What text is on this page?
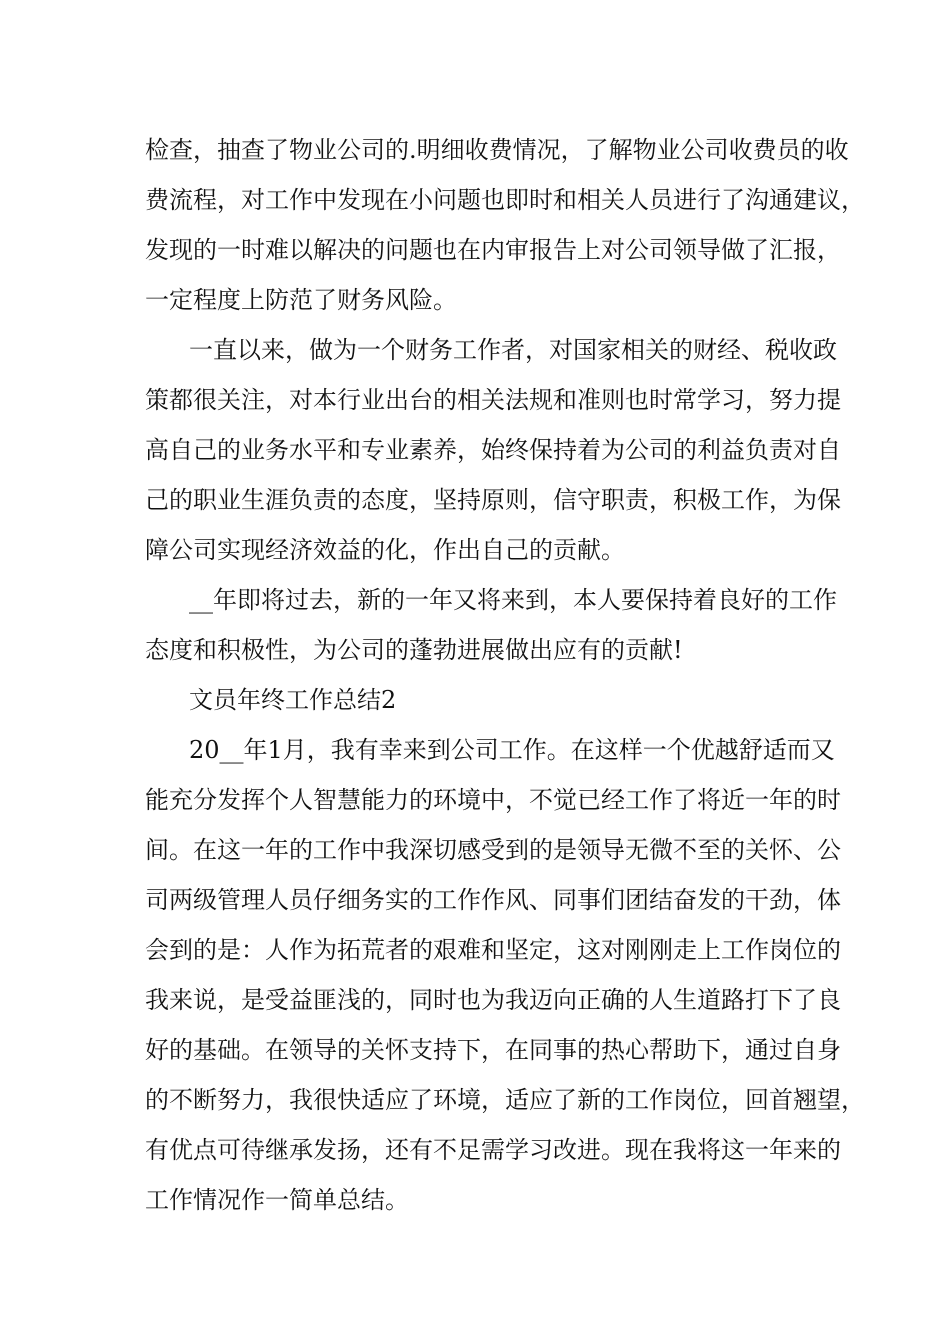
检查，抽查了物业公司的.明细收费情况，了解物业公司收费员的收
费流程，对工作中发现在小问题也即时和相关人员进行了沟通建议，
发现的一时难以解决的问题也在内审报告上对公司领导做了汇报，
一定程度上防范了财务风险。
一直以来，做为一个财务工作者，对国家相关的财经、税收政
策都很关注，对本行业出台的相关法规和准则也时常学习，努力提
高自己的业务水平和专业素养，始终保持着为公司的利益负责对自
己的职业生涯负责的态度，坚持原则，信守职责，积极工作，为保
障公司实现经济效益的化，作出自己的贡献。
__年即将过去，新的一年又将来到，本人要保持着良好的工作
态度和积极性，为公司的蓬勃进展做出应有的贡献!
文员年终工作总结2
20__年1月，我有幸来到公司工作。在这样一个优越舒适而又
能充分发挥个人智慧能力的环境中，不觉已经工作了将近一年的时
间。在这一年的工作中我深切感受到的是领导无微不至的关怀、公
司两级管理人员仔细务实的工作作风、同事们团结奋发的干劲，体
会到的是：人作为拓荒者的艰难和坚定，这对刚刚走上工作岗位的
我来说，是受益匪浅的，同时也为我迈向正确的人生道路打下了良
好的基础。在领导的关怀支持下，在同事的热心帮助下，通过自身
的不断努力，我很快适应了环境，适应了新的工作岗位，回首翘望，
有优点可待继承发扬，还有不足需学习改进。现在我将这一年来的
工作情况作一简单总结。
